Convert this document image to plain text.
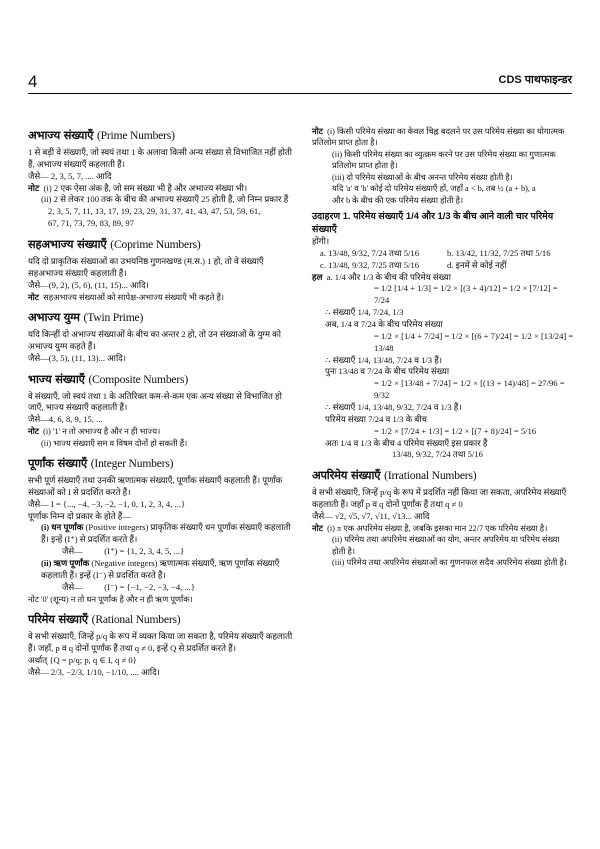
4	CDS पाथफाइन्डर
अभाज्य संख्याएँ (Prime Numbers)

1 से बड़ी वे संख्याएँ, जो स्वयं तथा 1 के अलावा किसी अन्य संख्या से विभाजित नहीं होती हैं, अभाज्य संख्याएँ कहलाती हैं।

जैसे— 2, 3, 5, 7, .... आदि

नोट (i) 2 एक ऐसा अंक है, जो सम संख्या भी है और अभाज्य संख्या भी।

(ii) 2 से लेकर 100 तक के बीच की अभाज्य संख्याएँ 25 होती हैं, जो निम्न प्रकार हैं

2, 3, 5, 7, 11, 13, 17, 19, 23, 29, 31, 37, 41, 43, 47, 53, 59, 61,

67, 71, 73, 79, 83, 89, 97

सहअभाज्य संख्याएँ (Coprime Numbers)

यदि दो प्राकृतिक संख्याओं का उभयनिष्ठ गुणनखण्ड (म.स.) 1 हो, तो वे संख्याएँ सहअभाज्य संख्याएँ कहलाती हैं।

जैसे—(9, 2), (5, 6), (11, 15)... आदि।

नोट सहअभाज्य संख्याओं को सापेक्ष-अभाज्य संख्याएँ भी कहते हैं।

अभाज्य युग्म (Twin Prime)

यदि किन्हीं दो अभाज्य संख्याओं के बीच का अन्तर 2 हो, तो उन संख्याओं के युग्म को अभाज्य युग्म कहते हैं।

जैसे—(3, 5), (11, 13)... आदि।

भाज्य संख्याएँ (Composite Numbers)

वे संख्याएँ, जो स्वयं तथा 1 के अतिरिक्त कम-से-कम एक अन्य संख्या से विभाजित हो जाएँ, भाज्य संख्याएँ कहलाती हैं।

जैसे—4, 6, 8, 9, 15, ...

नोट (i) '1' न तो अभाज्य है और न ही भाज्य।

(ii) भाज्य संख्याएँ सम व विषम दोनों हो सकती हैं।

पूर्णांक संख्याएँ (Integer Numbers)

सभी पूर्ण संख्याएँ तथा उनकी ऋणात्मक संख्याएँ, पूर्णांक संख्याएँ कहलाती हैं। पूर्णांक संख्याओं को I से प्रदर्शित करते हैं।

जैसे— I = {..., −4, −3, −2, −1, 0, 1, 2, 3, 4, ...}

पूर्णांक निम्न दो प्रकार के होते हैं—

(i) धन पूर्णांक (Positive integers) प्राकृतिक संख्याएँ धन पूर्णांक संख्याएँ कहलाती हैं। इन्हें (I⁺) से प्रदर्शित करते हैं।

जैसे— (I⁺) = {1, 2, 3, 4, 5, ...}

(ii) ऋण पूर्णांक (Negative integers) ऋणात्मक संख्याएँ, ऋण पूर्णांक संख्याएँ कहलाती हैं। इन्हें (I⁻) से प्रदर्शित करते हैं।

जैसे— (I⁻) = {−1, −2, −3, −4, ...}

नोट '0' (शून्य) न तो धन पूर्णांक है और न ही ऋण पूर्णांक।

परिमेय संख्याएँ (Rational Numbers)

वे सभी संख्याएँ, जिन्हें p/q के रूप में व्यक्त किया जा सकता है, परिमेय संख्याएँ कहलाती हैं। जहाँ, p व q दोनों पूर्णांक हैं तथा q ≠ 0, इन्हें Q से प्रदर्शित करते हैं।

अर्थात् {Q = p/q; p, q ∈ I, q ≠ 0}

जैसे— 2/3, −2/3, 1/10, −1/10, .... आदि।

नोट (i) किसी परिमेय संख्या का केवल चिह्न बदलने पर उस परिमेय संख्या का योगात्मक प्रतिलोम प्राप्त होता है।

(ii) किसी परिमेय संख्या का व्युत्क्रम करने पर उस परिमेय संख्या का गुणात्मक प्रतिलोम प्राप्त होता है।

(iii) दो परिमेय संख्याओं के बीच अनन्त परिमेय संख्या होती है।

यदि 'a' व 'b' कोई दो परिमेय संख्याएँ हों, जहाँ a < b, तब ½ (a + b), a

और b के बीच की एक परिमेय संख्या होती है।

उदाहरण 1. परिमेय संख्याएँ 1/4 और 1/3 के बीच आने वाली चार परिमेय संख्याएँ

होंगी।

a. 13/48, 9/32, 7/24 तथा 5/16	b. 13/42, 11/32, 7/25 तथा 5/16
c. 13/48, 9/32, 7/25 तथा 5/16	d. इनमें से कोई नहीं

हल a. 1/4 और 1/3 के बीच की परिमेय संख्या

= 1/2 [1/4 + 1/3] = 1/2 × [(3 + 4)/12] = 1/2 × [7/12] = 7/24

∴ संख्याएँ 1/4, 7/24, 1/3

अब, 1/4 व 7/24 के बीच परिमेय संख्या

= 1/2 × [1/4 + 7/24] = 1/2 × [(6 + 7)/24] = 1/2 × [13/24] = 13/48

∴ संख्याएँ 1/4, 13/48, 7/24 व 1/3 हैं।

पुनः 13/48 व 7/24 के बीच परिमेय संख्या

= 1/2 × [13/48 + 7/24] = 1/2 × [(13 + 14)/48] = 27/96 = 9/32

∴ संख्याएँ 1/4, 13/48, 9/32, 7/24 व 1/3 हैं।

परिमेय संख्या 7/24 व 1/3 के बीच

= 1/2 × [7/24 + 1/3] = 1/2 × [(7 + 8)/24] = 5/16

अतः 1/4 व 1/3 के बीच 4 परिमेय संख्याएँ इस प्रकार हैं

13/48, 9/32, 7/24 तथा 5/16

अपरिमेय संख्याएँ (Irrational Numbers)

वे सभी संख्याएँ, जिन्हें p/q के रूप में प्रदर्शित नहीं किया जा सकता, अपरिमेय संख्याएँ कहलाती हैं। जहाँ p व q दोनों पूर्णांक हैं तथा q ≠ 0

जैसे— √2, √5, √7, √11, √13... आदि

नोट (i) π एक अपरिमेय संख्या है, जबकि इसका मान 22/7 एक परिमेय संख्या है।

(ii) परिमेय तथा अपरिमेय संख्याओं का योग, अन्तर अपरिमेय या परिमेय संख्या होती है।

(iii) परिमेय तथा अपरिमेय संख्याओं का गुणनफल सदैव अपरिमेय संख्या होती है।
